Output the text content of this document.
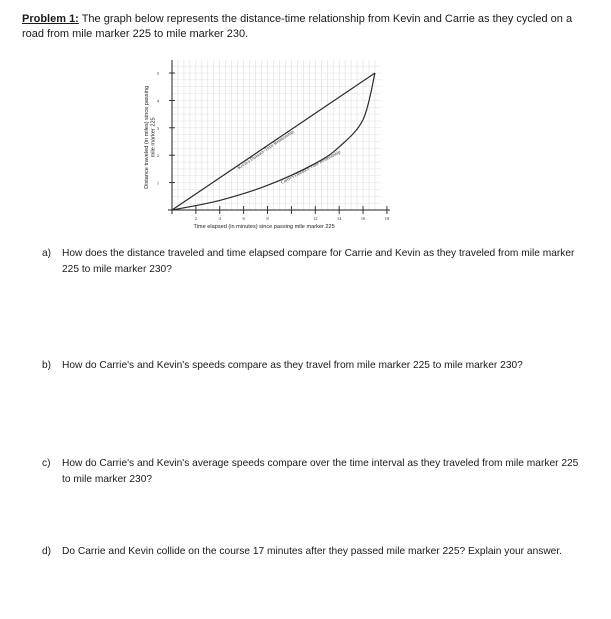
Problem 1: The graph below represents the distance-time relationship from Kevin and Carrie as they cycled on a road from mile marker 225 to mile marker 230.
1
2
3
4
5
2	4	6	8	12	14	16	18
Kevin's Distance-Time Relationship
Carrie's Distance-Time Relationship
Time elapsed (in minutes) since passing mile marker 225
Distance traveled (in miles) since passingmile marker 225
a) How does the distance traveled and time elapsed compare for Carrie and Kevin as they traveled from mile marker 225 to mile marker 230?
b) How do Carrie's and Kevin's speeds compare as they travel from mile marker 225 to mile marker 230?
c) How do Carrie's and Kevin's average speeds compare over the time interval as they traveled from mile marker 225 to mile marker 230?
d) Do Carrie and Kevin collide on the course 17 minutes after they passed mile marker 225? Explain your answer.
